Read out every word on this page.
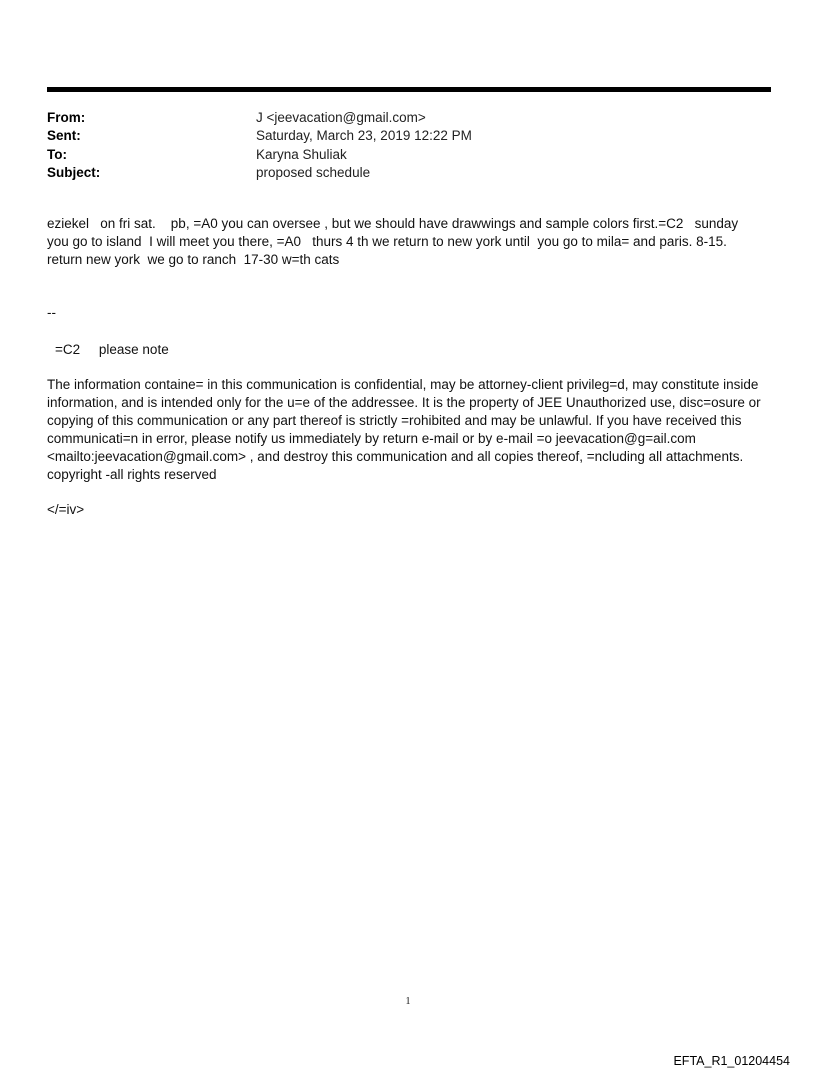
From:	J <jeevacation@gmail.com>
Sent:	Saturday, March 23, 2019 12:22 PM
To:	Karyna Shuliak
Subject:	proposed schedule
eziekel   on fri sat.    pb, =A0 you can oversee , but we should have drawwings and sample colors first.=C2   sunday  you go to island  I will meet you there, =A0   thurs 4 th we return to new york until  you go to mila= and paris. 8-15.  return new york  we go to ranch  17-30 w=th cats
--
=C2     please note
The information containe= in this communication is confidential, may be attorney-client privileg=d, may constitute inside information, and is intended only for the u=e of the addressee. It is the property of JEE Unauthorized use, disc=osure or copying of this communication or any part thereof is strictly =rohibited and may be unlawful. If you have received this communicati=n in error, please notify us immediately by return e-mail or by e-mail =o jeevacation@g=ail.com <mailto:jeevacation@gmail.com> , and destroy this communication and all copies thereof, =ncluding all attachments. copyright -all rights reserved
</=iv>
1
EFTA_R1_01204454
